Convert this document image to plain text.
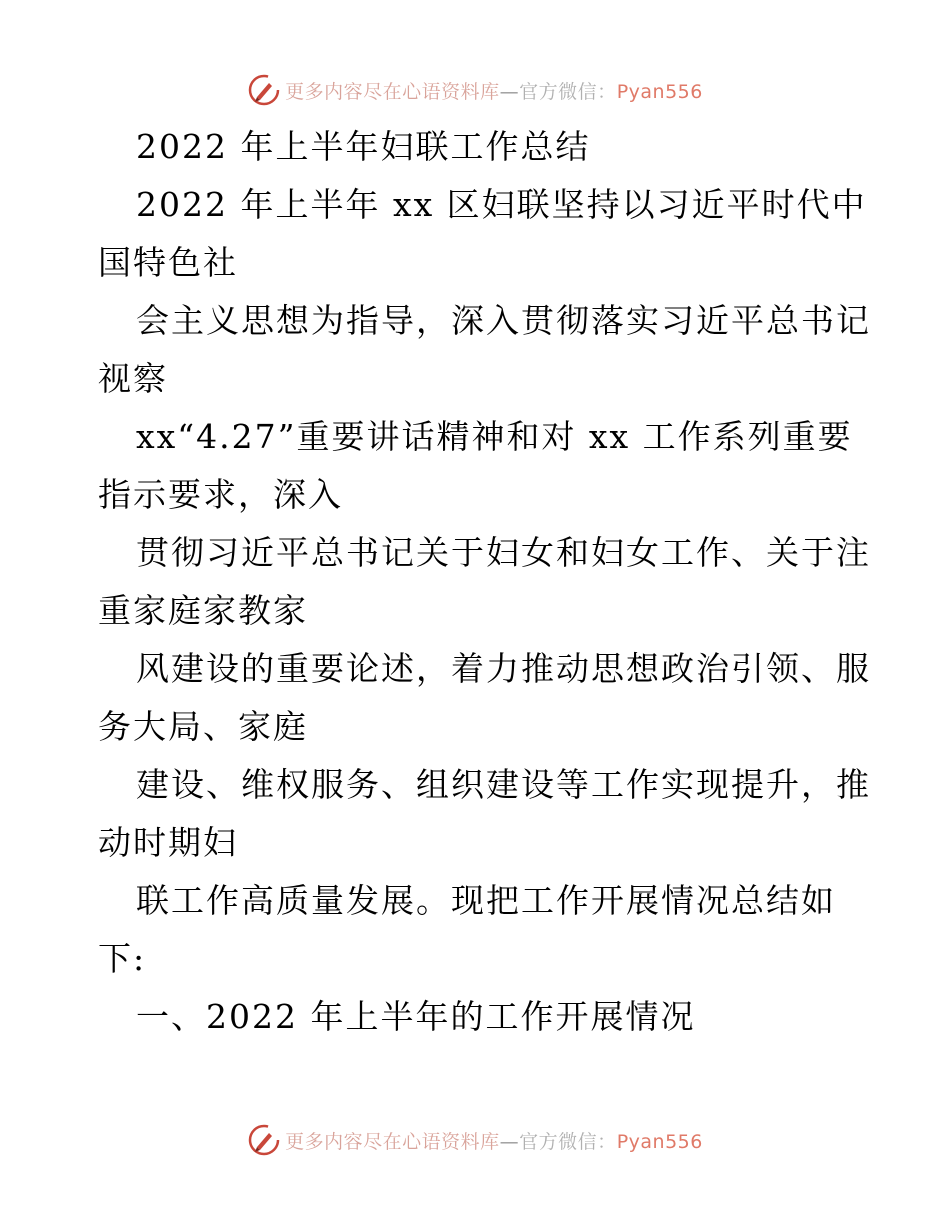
更多内容尽在心语资料库—官方微信：Pyan556
2022 年上半年妇联工作总结
2022 年上半年 xx 区妇联坚持以习近平时代中
国特色社
会主义思想为指导，深入贯彻落实习近平总书记
视察
xx“4.27”重要讲话精神和对 xx 工作系列重要
指示要求，深入
贯彻习近平总书记关于妇女和妇女工作、关于注
重家庭家教家
风建设的重要论述，着力推动思想政治引领、服
务大局、家庭
建设、维权服务、组织建设等工作实现提升，推
动时期妇
联工作高质量发展。现把工作开展情况总结如
下:
一、2022 年上半年的工作开展情况
更多内容尽在心语资料库—官方微信：Pyan556
